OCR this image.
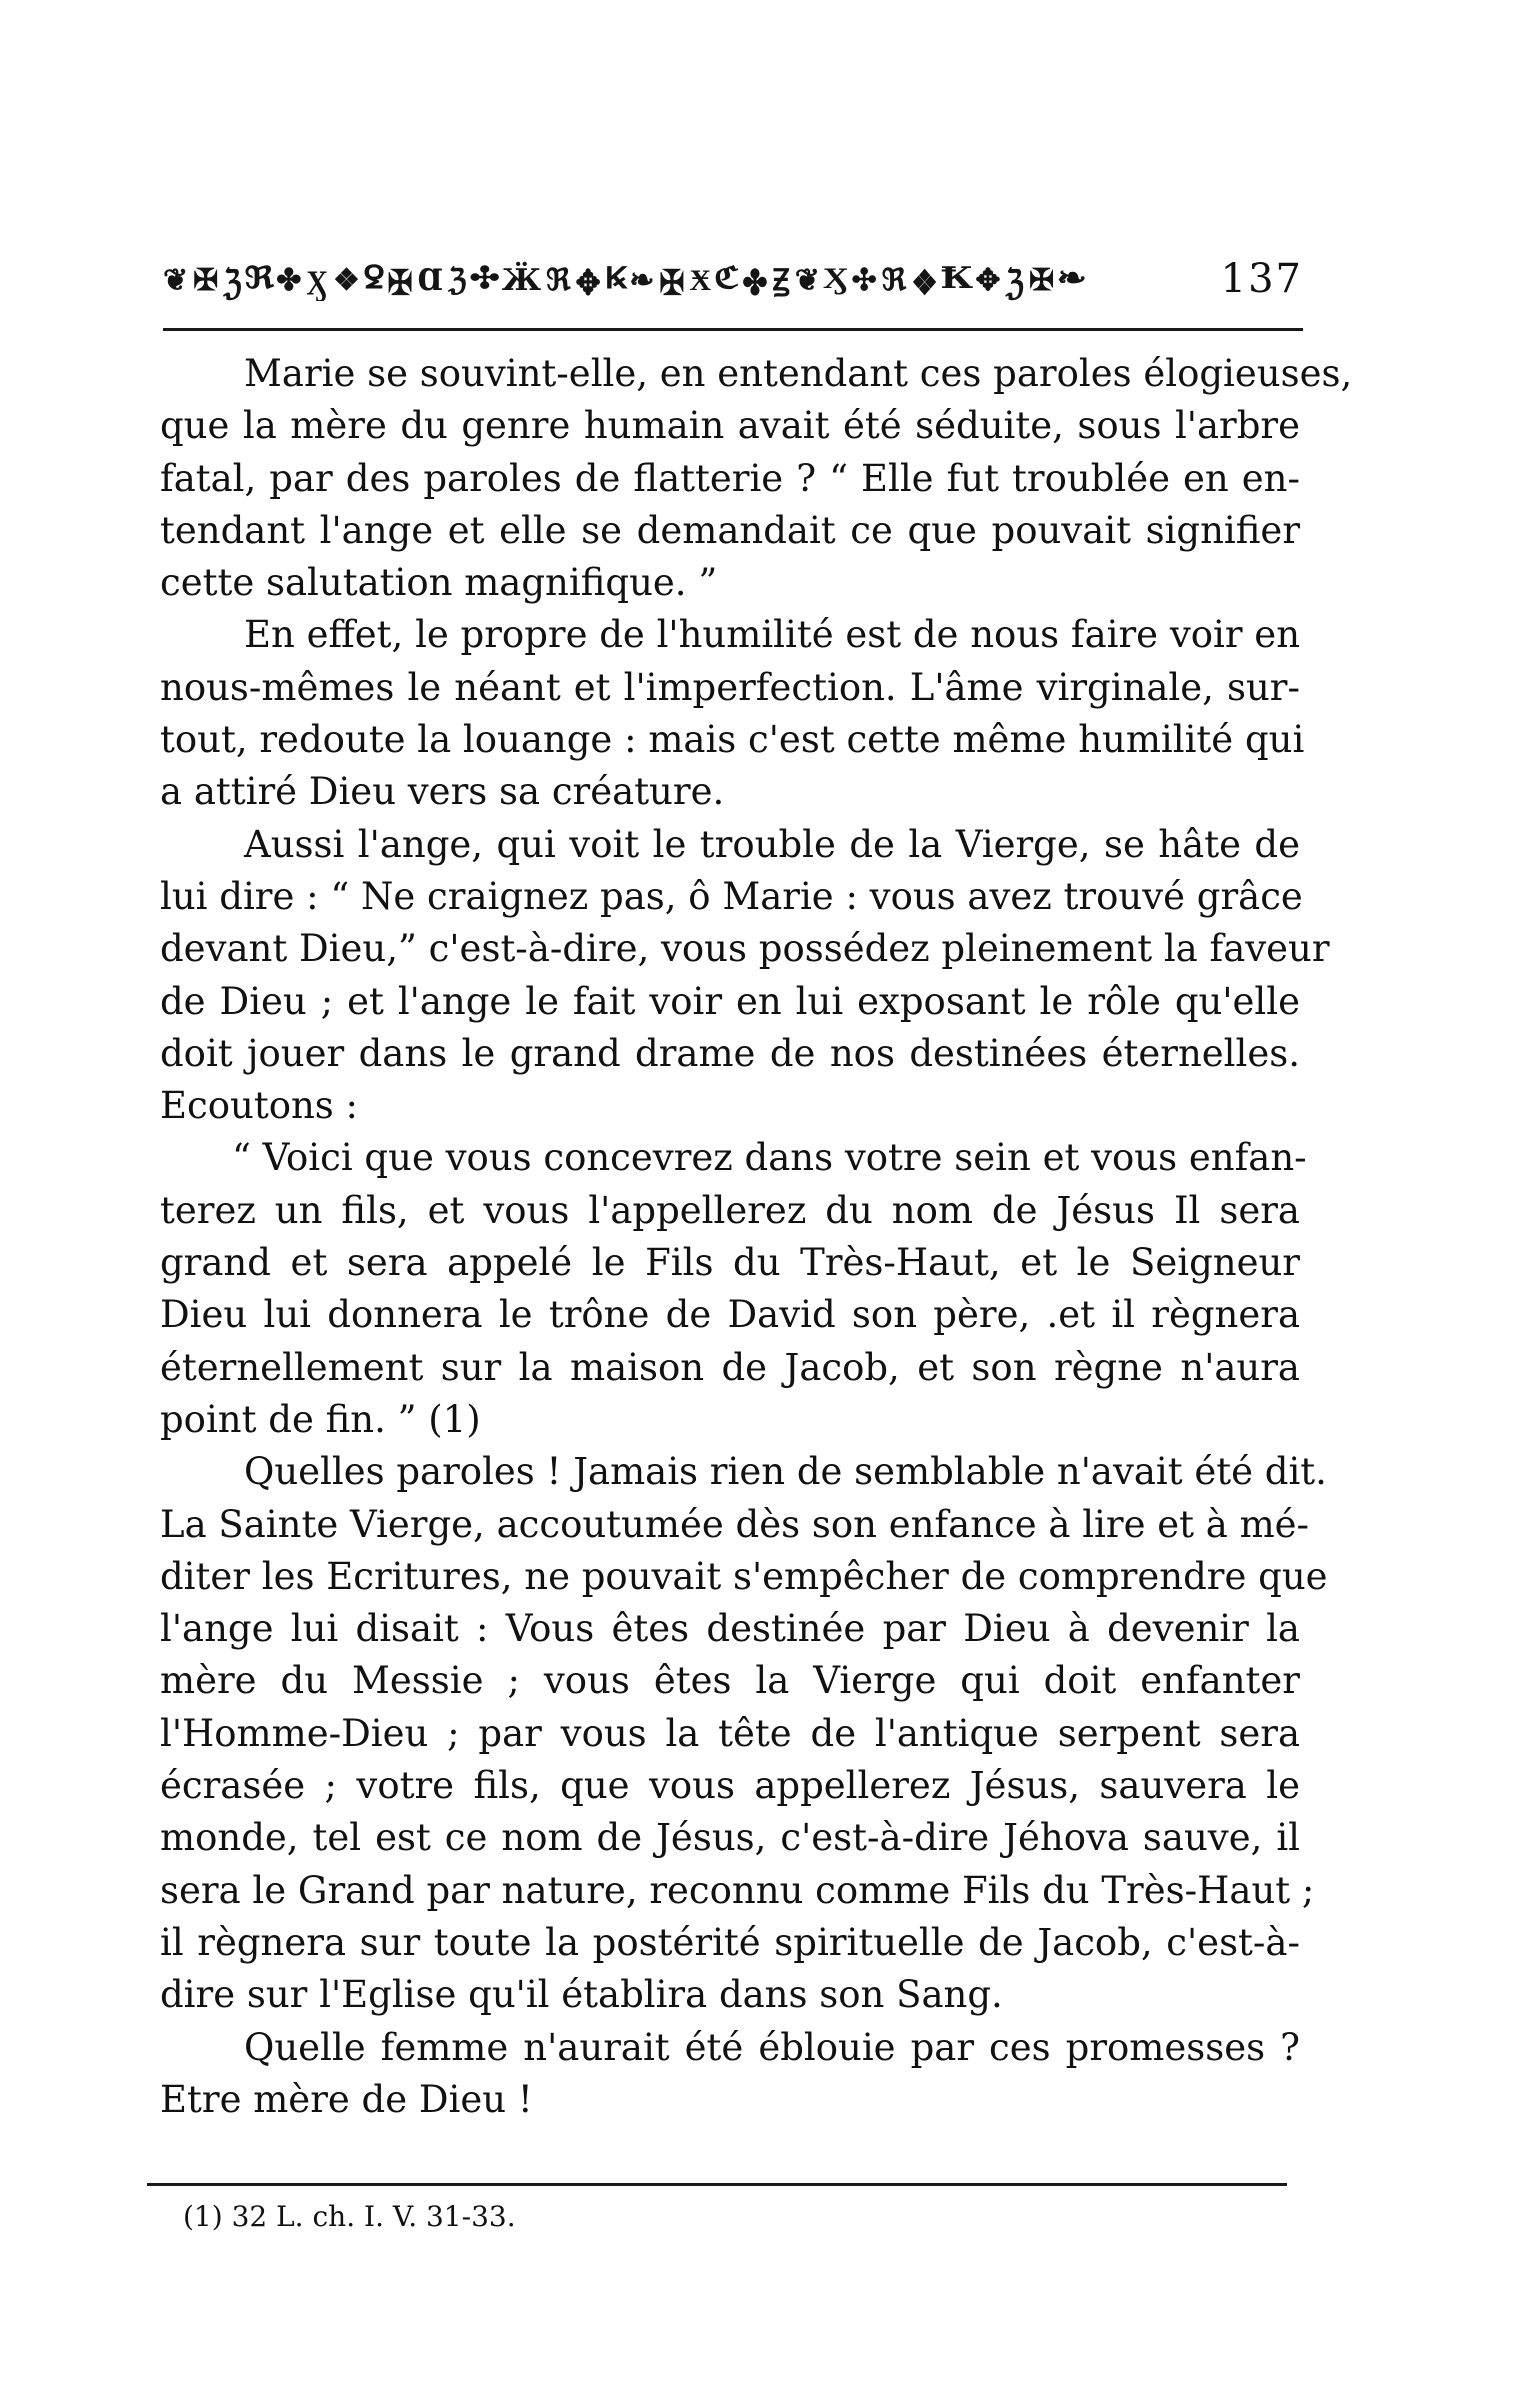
❦ ✠ ℨ ℜ ✤ Ӽ ❖ ꝿ ✠ Ɑ ℨ ✣ Ӝ ℜ ✥ Ꝃ ❧ ✠ Ӿ ℭ ✤ Ꙃ ❦ Ӽ ✣ ℜ ❖ Ꝁ ✥ ℨ ✠ ❧	137
Marie se souvint-elle, en entendant ces paroles élogieuses,
que la mère du genre humain avait été séduite, sous l'arbre
fatal, par des paroles de flatterie ? “ Elle fut troublée en en-
tendant l'ange et elle se demandait ce que pouvait signifier
cette salutation magnifique. ”
En effet, le propre de l'humilité est de nous faire voir en
nous-mêmes le néant et l'imperfection. L'âme virginale, sur-
tout, redoute la louange : mais c'est cette même humilité qui
a attiré Dieu vers sa créature.
Aussi l'ange, qui voit le trouble de la Vierge, se hâte de
lui dire : “ Ne craignez pas, ô Marie : vous avez trouvé grâce
devant Dieu,” c'est-à-dire, vous possédez pleinement la faveur
de Dieu ; et l'ange le fait voir en lui exposant le rôle qu'elle
doit jouer dans le grand drame de nos destinées éternelles.
Ecoutons :
“ Voici que vous concevrez dans votre sein et vous enfan-
terez un fils, et vous l'appellerez du nom de Jésus Il sera
grand et sera appelé le Fils du Très-Haut, et le Seigneur
Dieu lui donnera le trône de David son père, .et il règnera
éternellement sur la maison de Jacob, et son règne n'aura
point de fin. ” (1)
Quelles paroles ! Jamais rien de semblable n'avait été dit.
La Sainte Vierge, accoutumée dès son enfance à lire et à mé-
diter les Ecritures, ne pouvait s'empêcher de comprendre que
l'ange lui disait : Vous êtes destinée par Dieu à devenir la
mère du Messie ; vous êtes la Vierge qui doit enfanter
l'Homme-Dieu ; par vous la tête de l'antique serpent sera
écrasée ; votre fils, que vous appellerez Jésus, sauvera le
monde, tel est ce nom de Jésus, c'est-à-dire Jéhova sauve, il
sera le Grand par nature, reconnu comme Fils du Très-Haut ;
il règnera sur toute la postérité spirituelle de Jacob, c'est-à-
dire sur l'Eglise qu'il établira dans son Sang.
Quelle femme n'aurait été éblouie par ces promesses ?
Etre mère de Dieu !
(1) 32 L. ch. I. V. 31-33.
